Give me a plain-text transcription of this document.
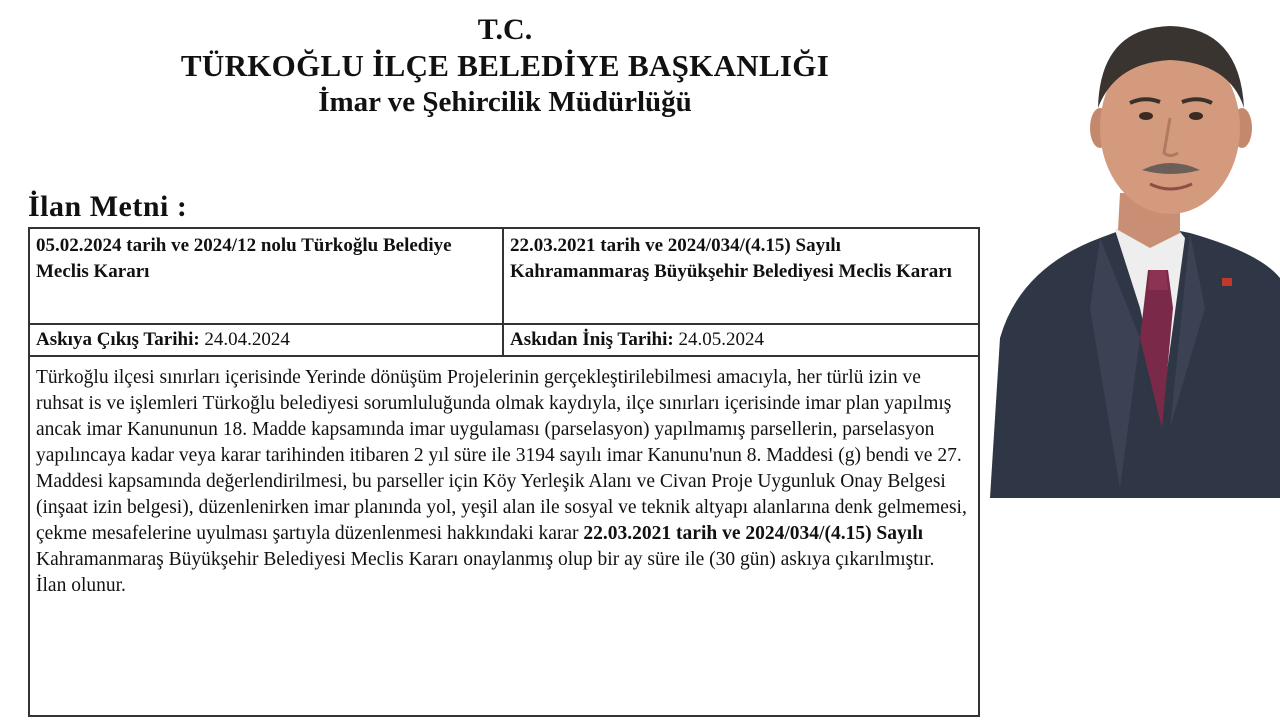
T.C.
TÜRKOĞLU İLÇE BELEDİYE BAŞKANLIĞI
İmar ve Şehircilik Müdürlüğü
İlan Metni :
05.02.2024 tarih ve 2024/12 nolu Türkoğlu Belediye Meclis Kararı
22.03.2021 tarih ve 2024/034/(4.15) Sayılı Kahramanmaraş Büyükşehir Belediyesi Meclis Kararı
Askıya Çıkış Tarihi: 24.04.2024	Askıdan İniş Tarihi: 24.05.2024
Türkoğlu ilçesi sınırları içerisinde Yerinde dönüşüm Projelerinin gerçekleştirilebilmesi amacıyla, her türlü izin ve ruhsat is ve işlemleri Türkoğlu belediyesi sorumluluğunda olmak kaydıyla, ilçe sınırları içerisinde imar plan yapılmış ancak imar Kanununun 18. Madde kapsamında imar uygulaması (parselasyon) yapılmamış parsellerin, parselasyon yapılıncaya kadar veya karar tarihinden itibaren 2 yıl süre ile 3194 sayılı imar Kanunu'nun 8. Maddesi (g) bendi ve 27. Maddesi kapsamında değerlendirilmesi, bu parseller için Köy Yerleşik Alanı ve Civan Proje Uygunluk Onay Belgesi (inşaat izin belgesi), düzenlenirken imar planında yol, yeşil alan ile sosyal ve teknik altyapı alanlarına denk gelmemesi, çekme mesafelerine uyulması şartıyla düzenlenmesi hakkındaki karar 22.03.2021 tarih ve 2024/034/(4.15) Sayılı Kahramanmaraş Büyükşehir Belediyesi Meclis Kararı onaylanmış olup bir ay süre ile (30 gün) askıya çıkarılmıştır.
İlan olunur.
